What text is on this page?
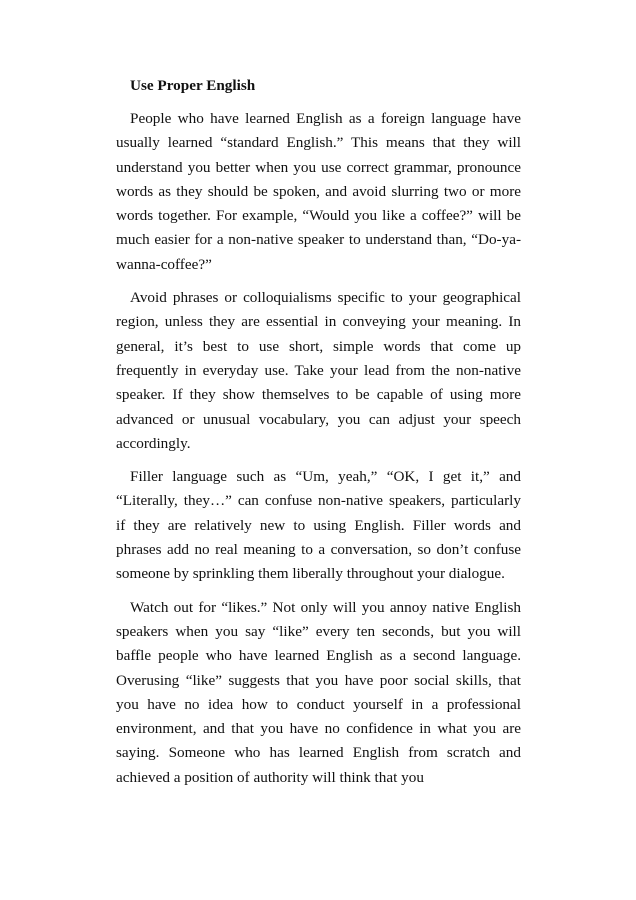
Use Proper English

People who have learned English as a foreign language have usually learned “standard English.” This means that they will understand you better when you use correct grammar, pronounce words as they should be spoken, and avoid slurring two or more words together. For example, “Would you like a coffee?” will be much easier for a non-native speaker to understand than, “Do-ya-wanna-coffee?”

Avoid phrases or colloquialisms specific to your geographical region, unless they are essential in conveying your meaning. In general, it’s best to use short, simple words that come up frequently in everyday use. Take your lead from the non-native speaker. If they show themselves to be capable of using more advanced or unusual vocabulary, you can adjust your speech accordingly.

Filler language such as “Um, yeah,” “OK, I get it,” and “Literally, they…” can confuse non-native speakers, particularly if they are relatively new to using English. Filler words and phrases add no real meaning to a conversation, so don’t confuse someone by sprinkling them liberally throughout your dialogue.

Watch out for “likes.” Not only will you annoy native English speakers when you say “like” every ten seconds, but you will baffle people who have learned English as a second language. Overusing “like” suggests that you have poor social skills, that you have no idea how to conduct yourself in a professional environment, and that you have no confidence in what you are saying. Someone who has learned English from scratch and achieved a position of authority will think that you
